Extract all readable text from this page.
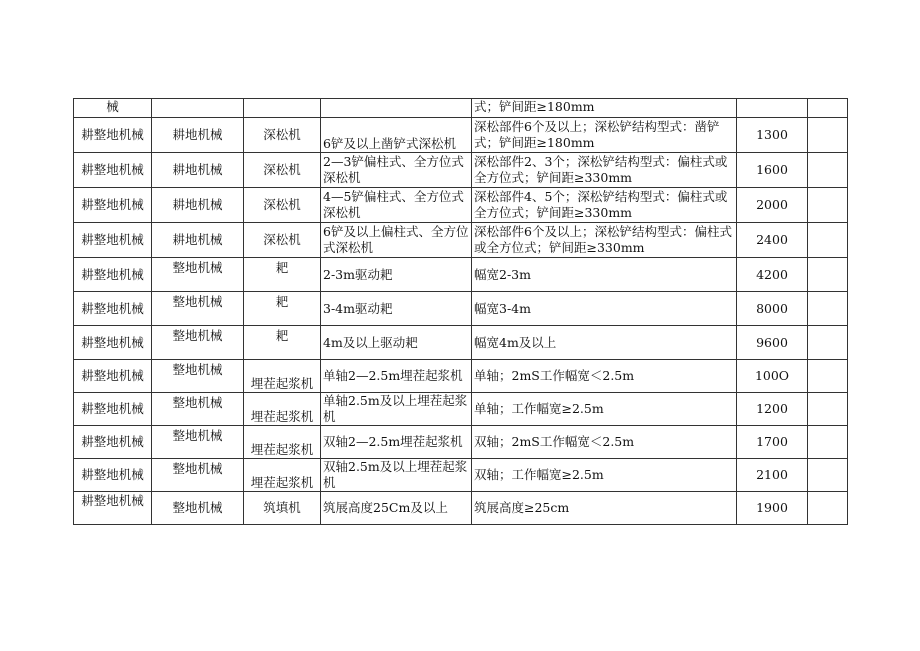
械				式；铲间距≥180mm		
耕整地机械	耕地机械	深松机	6铲及以上凿铲式深松机	深松部件6个及以上；深松铲结构型式：凿铲式；铲间距≥180mm	1300	
耕整地机械	耕地机械	深松机	2—3铲偏柱式、全方位式深松机	深松部件2、3个；深松铲结构型式：偏柱式或全方位式；铲间距≥330mm	1600	
耕整地机械	耕地机械	深松机	4—5铲偏柱式、全方位式深松机	深松部件4、5个；深松铲结构型式：偏柱式或全方位式；铲间距≥330mm	2000	
耕整地机械	耕地机械	深松机	6铲及以上偏柱式、全方位式深松机	深松部件6个及以上；深松铲结构型式：偏柱式或全方位式；铲间距≥330mm	2400	
耕整地机械	整地机械	耙	2-3m驱动耙	幅宽2-3m	4200	
耕整地机械	整地机械	耙	3-4m驱动耙	幅宽3-4m	8000	
耕整地机械	整地机械	耙	4m及以上驱动耙	幅宽4m及以上	9600	
耕整地机械	整地机械	埋茬起浆机	单轴2—2.5m埋茬起浆机	单轴；2mS工作幅宽＜2.5m	100O	
耕整地机械	整地机械	埋茬起浆机	单轴2.5m及以上埋茬起浆机	单轴；工作幅宽≥2.5m	1200	
耕整地机械	整地机械	埋茬起浆机	双轴2—2.5m埋茬起浆机	双轴；2mS工作幅宽＜2.5m	1700	
耕整地机械	整地机械	埋茬起浆机	双轴2.5m及以上埋茬起浆机	双轴；工作幅宽≥2.5m	2100	
耕整地机械	整地机械	筑填机	筑展高度25Cm及以上	筑展高度≥25cm	1900	
